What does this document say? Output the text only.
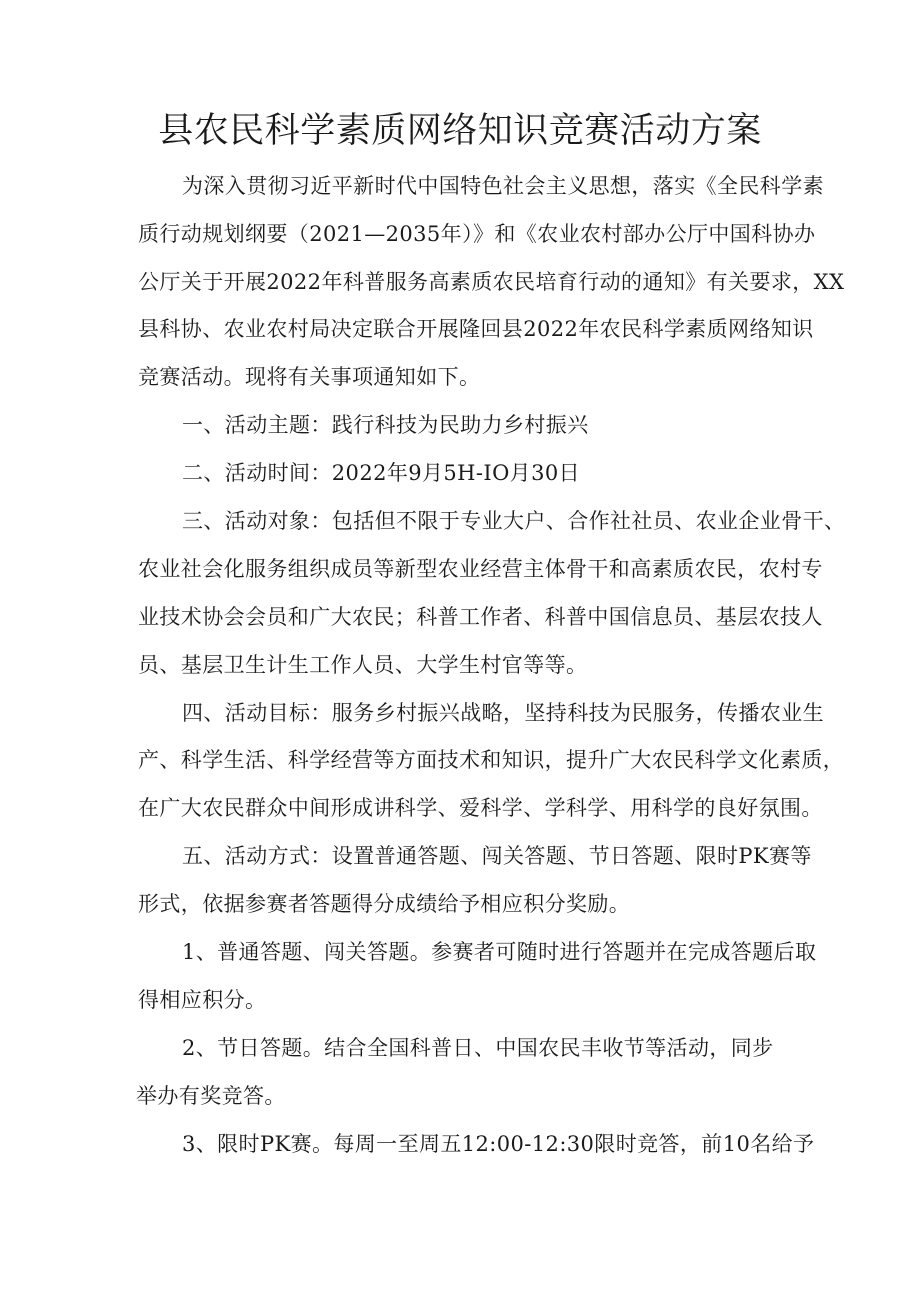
县农民科学素质网络知识竞赛活动方案
为深入贯彻习近平新时代中国特色社会主义思想，落实《全民科学素
质行动规划纲要（2021—2035年）》和《农业农村部办公厅中国科协办
公厅关于开展2022年科普服务高素质农民培育行动的通知》有关要求，XX
县科协、农业农村局决定联合开展隆回县2022年农民科学素质网络知识
竞赛活动。现将有关事项通知如下。
一、活动主题：践行科技为民助力乡村振兴
二、活动时间：2022年9月5H-IO月30日
三、活动对象：包括但不限于专业大户、合作社社员、农业企业骨干、
农业社会化服务组织成员等新型农业经营主体骨干和高素质农民，农村专
业技术协会会员和广大农民；科普工作者、科普中国信息员、基层农技人
员、基层卫生计生工作人员、大学生村官等等。
四、活动目标：服务乡村振兴战略，坚持科技为民服务，传播农业生
产、科学生活、科学经营等方面技术和知识，提升广大农民科学文化素质，
在广大农民群众中间形成讲科学、爱科学、学科学、用科学的良好氛围。
五、活动方式：设置普通答题、闯关答题、节日答题、限时PK赛等
形式，依据参赛者答题得分成绩给予相应积分奖励。
1、普通答题、闯关答题。参赛者可随时进行答题并在完成答题后取
得相应积分。
2、节日答题。结合全国科普日、中国农民丰收节等活动，同步
举办有奖竞答。
3、限时PK赛。每周一至周五12:00-12:30限时竞答，前10名给予
